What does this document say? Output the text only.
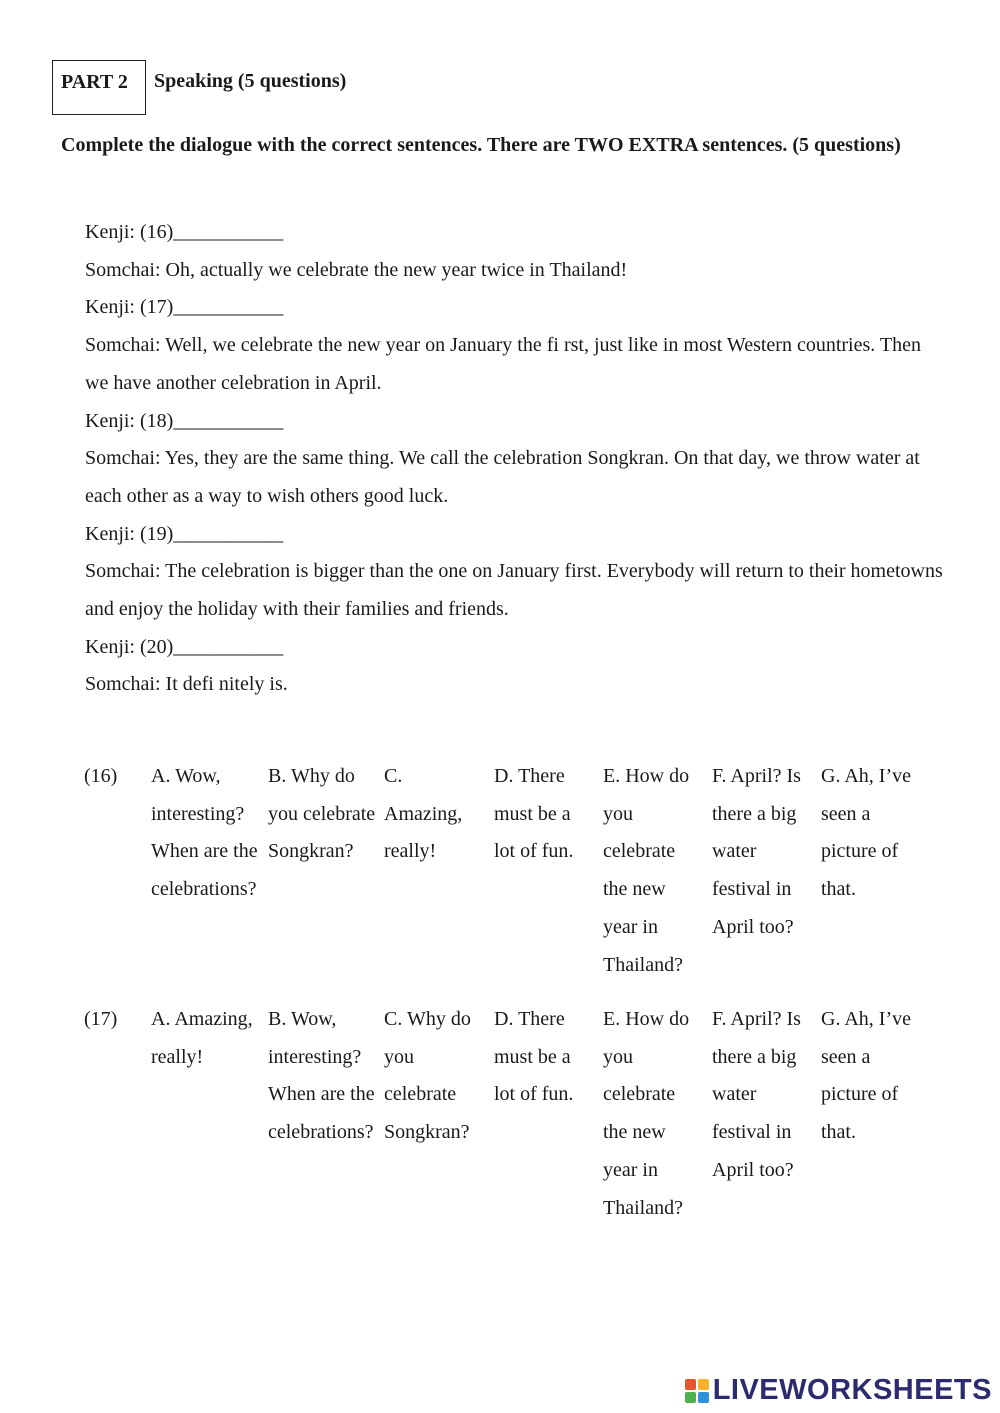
PART 2	Speaking (5 questions)
Complete the dialogue with the correct sentences. There are TWO EXTRA sentences. (5 questions)
Kenji: (16)___________
Somchai: Oh, actually we celebrate the new year twice in Thailand!
Kenji: (17)___________
Somchai: Well, we celebrate the new year on January the fi rst, just like in most Western countries. Then we have another celebration in April.
Kenji: (18)___________
Somchai: Yes, they are the same thing. We call the celebration Songkran. On that day, we throw water at each other as a way to wish others good luck.
Kenji: (19)___________
Somchai: The celebration is bigger than the one on January first. Everybody will return to their hometowns and enjoy the holiday with their families and friends.
Kenji: (20)___________
Somchai: It defi nitely is.
(16) A. Wow, interesting? When are the celebrations?
B. Why do you celebrate Songkran?
C. Amazing, really!
D. There must be a lot of fun.
E. How do you celebrate the new year in Thailand?
F. April? Is there a big water festival in April too?
G. Ah, I’ve seen a picture of that.
(17) A. Amazing, really!
B. Wow, interesting? When are the celebrations?
C. Why do you celebrate Songkran?
D. There must be a lot of fun.
E. How do you celebrate the new year in Thailand?
F. April? Is there a big water festival in April too?
G. Ah, I’ve seen a picture of that.
LIVEWORKSHEETS
